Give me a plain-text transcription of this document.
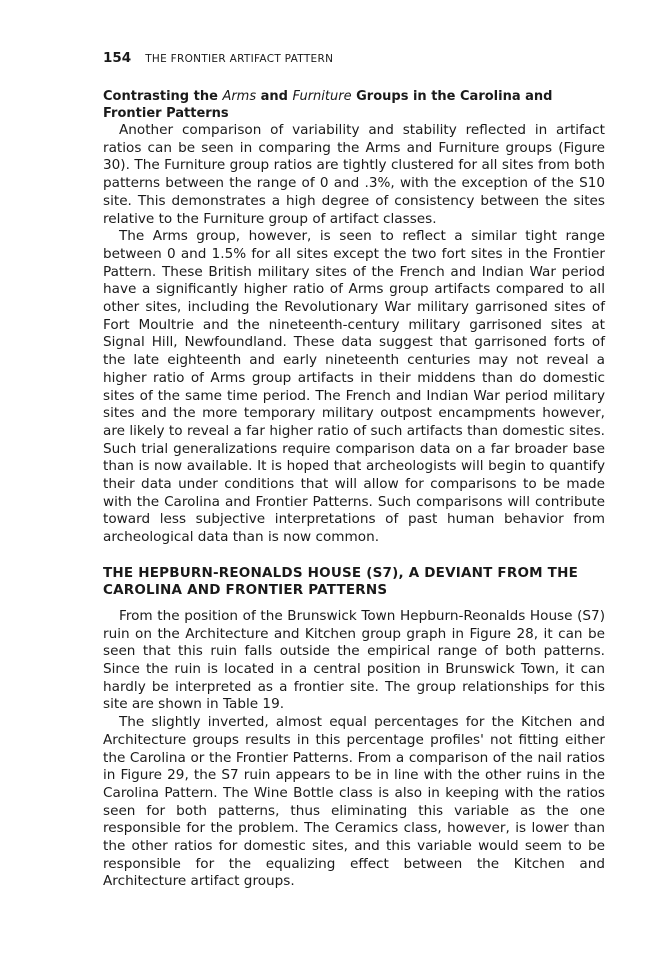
154 THE FRONTIER ARTIFACT PATTERN
Contrasting the Arms and Furniture Groups in the Carolina and Frontier Patterns

Another comparison of variability and stability reflected in artifact ratios can be seen in comparing the Arms and Furniture groups (Figure 30). The Furniture group ratios are tightly clustered for all sites from both patterns between the range of 0 and .3%, with the exception of the S10 site. This demonstrates a high degree of consistency between the sites relative to the Furniture group of artifact classes.

The Arms group, however, is seen to reflect a similar tight range between 0 and 1.5% for all sites except the two fort sites in the Frontier Pattern. These British military sites of the French and Indian War period have a significantly higher ratio of Arms group artifacts compared to all other sites, including the Revolutionary War military garrisoned sites of Fort Moultrie and the nineteenth-century military garrisoned sites at Signal Hill, Newfoundland. These data suggest that garrisoned forts of the late eighteenth and early nineteenth centuries may not reveal a higher ratio of Arms group artifacts in their middens than do domestic sites of the same time period. The French and Indian War period military sites and the more temporary military outpost encampments however, are likely to reveal a far higher ratio of such artifacts than domestic sites. Such trial generalizations require comparison data on a far broader base than is now available. It is hoped that archeologists will begin to quantify their data under conditions that will allow for comparisons to be made with the Carolina and Frontier Patterns. Such comparisons will contribute toward less subjective interpretations of past human behavior from archeological data than is now common.

THE HEPBURN-REONALDS HOUSE (S7), A DEVIANT FROM THE CAROLINA AND FRONTIER PATTERNS

From the position of the Brunswick Town Hepburn-Reonalds House (S7) ruin on the Architecture and Kitchen group graph in Figure 28, it can be seen that this ruin falls outside the empirical range of both patterns. Since the ruin is located in a central position in Brunswick Town, it can hardly be interpreted as a frontier site. The group relationships for this site are shown in Table 19.

The slightly inverted, almost equal percentages for the Kitchen and Architecture groups results in this percentage profiles' not fitting either the Carolina or the Frontier Patterns. From a comparison of the nail ratios in Figure 29, the S7 ruin appears to be in line with the other ruins in the Carolina Pattern. The Wine Bottle class is also in keeping with the ratios seen for both patterns, thus eliminating this variable as the one responsible for the problem. The Ceramics class, however, is lower than the other ratios for domestic sites, and this variable would seem to be responsible for the equalizing effect between the Kitchen and Architecture artifact groups.
